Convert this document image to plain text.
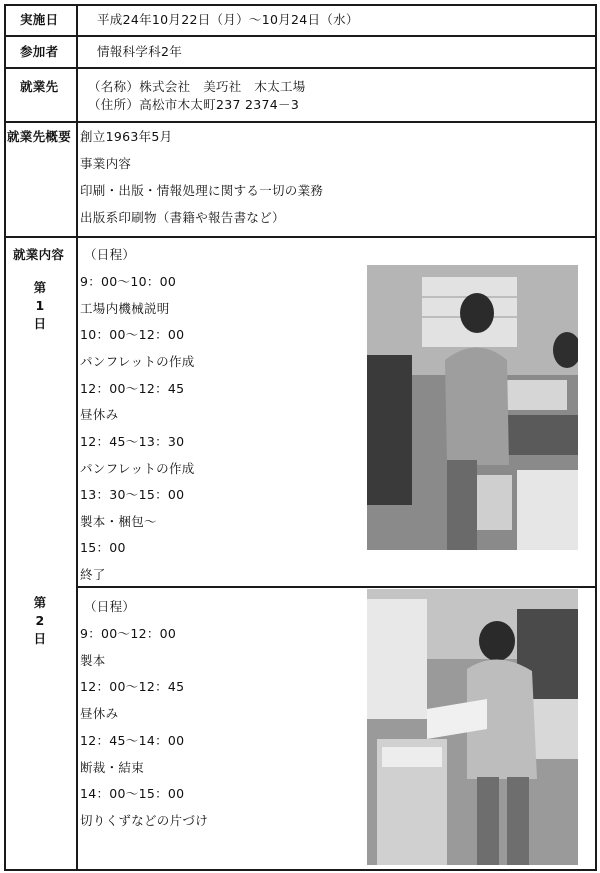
実施日	平成24年10月22日（月）～10月24日（水）
参加者	情報科学科2年
就業先 （名称）株式会社　美巧社　木太工場
（住所）高松市木太町237 2374－3
就業先概要 創立1963年5月
事業内容
印刷・出版・情報処理に関する一切の業務
出版系印刷物（書籍や報告書など）
就業内容
第
1
日
（日程）
9：00～10：00
工場内機械説明
10：00～12：00
パンフレットの作成
12：00～12：45
昼休み
12：45～13：30
パンフレットの作成
13：30～15：00
製本・梱包～
15：00
終了
第
2
日
（日程）
9：00～12：00
製本
12：00～12：45
昼休み
12：45～14：00
断裁・結束
14：00～15：00
切りくずなどの片づけ
